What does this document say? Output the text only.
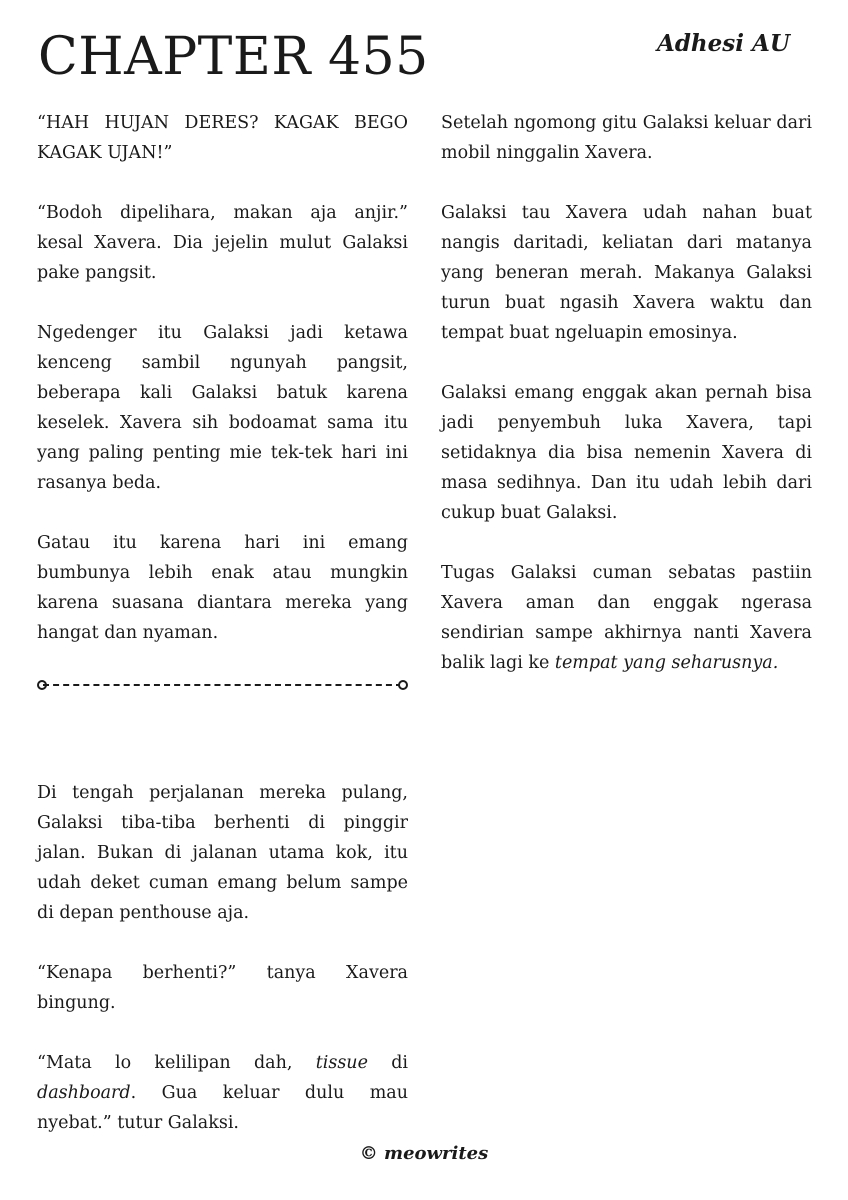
CHAPTER 455	Adhesi AU

“HAH HUJAN DERES? KAGAK BEGO KAGAK UJAN!”

“Bodoh dipelihara, makan aja anjir.” kesal Xavera. Dia jejelin mulut Galaksi pake pangsit.

Ngedenger itu Galaksi jadi ketawa kenceng sambil ngunyah pangsit, beberapa kali Galaksi batuk karena keselek. Xavera sih bodoamat sama itu yang paling penting mie tek-tek hari ini rasanya beda.

Gatau itu karena hari ini emang bumbunya lebih enak atau mungkin karena suasana diantara mereka yang hangat dan nyaman.

Di tengah perjalanan mereka pulang, Galaksi tiba-tiba berhenti di pinggir jalan. Bukan di jalanan utama kok, itu udah deket cuman emang belum sampe di depan penthouse aja.

“Kenapa berhenti?” tanya Xavera bingung.

“Mata lo kelilipan dah, tissue di dashboard. Gua keluar dulu mau nyebat.” tutur Galaksi.

Setelah ngomong gitu Galaksi keluar dari mobil ninggalin Xavera.

Galaksi tau Xavera udah nahan buat nangis daritadi, keliatan dari matanya yang beneran merah. Makanya Galaksi turun buat ngasih Xavera waktu dan tempat buat ngeluapin emosinya.

Galaksi emang enggak akan pernah bisa jadi penyembuh luka Xavera, tapi setidaknya dia bisa nemenin Xavera di masa sedihnya. Dan itu udah lebih dari cukup buat Galaksi.

Tugas Galaksi cuman sebatas pastiin Xavera aman dan enggak ngerasa sendirian sampe akhirnya nanti Xavera balik lagi ke tempat yang seharusnya.

© meowrites
